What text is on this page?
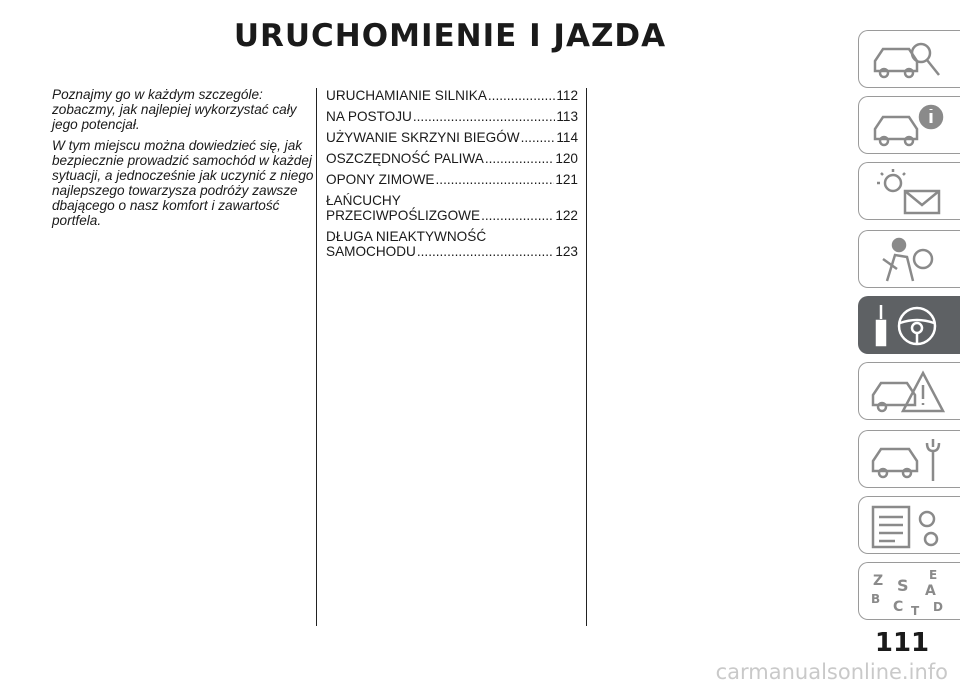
URUCHOMIENIE I JAZDA

Poznajmy go w każdym szczególe: zobaczmy, jak najlepiej wykorzystać cały jego potencjał.

W tym miejscu można dowiedzieć się, jak bezpiecznie prowadzić samochód w każdej sytuacji, a jednocześnie jak uczynić z niego najlepszego towarzysza podróży zawsze dbającego o nasz komfort i zawartość portfela.

URUCHAMIANIE SILNIKA .....	112
NA POSTOJU .....	113
UŻYWANIE SKRZYNI BIEGÓW .....	114
OSZCZĘDNOŚĆ PALIWA .....	120
OPONY ZIMOWE .....	121
ŁAŃCUCHY
PRZECIWPOŚLIZGOWE .....	122
DŁUGA NIEAKTYWNOŚĆ
SAMOCHODU .....	123
Z	E
S A
B C D
T
111
carmanualsonline.info
